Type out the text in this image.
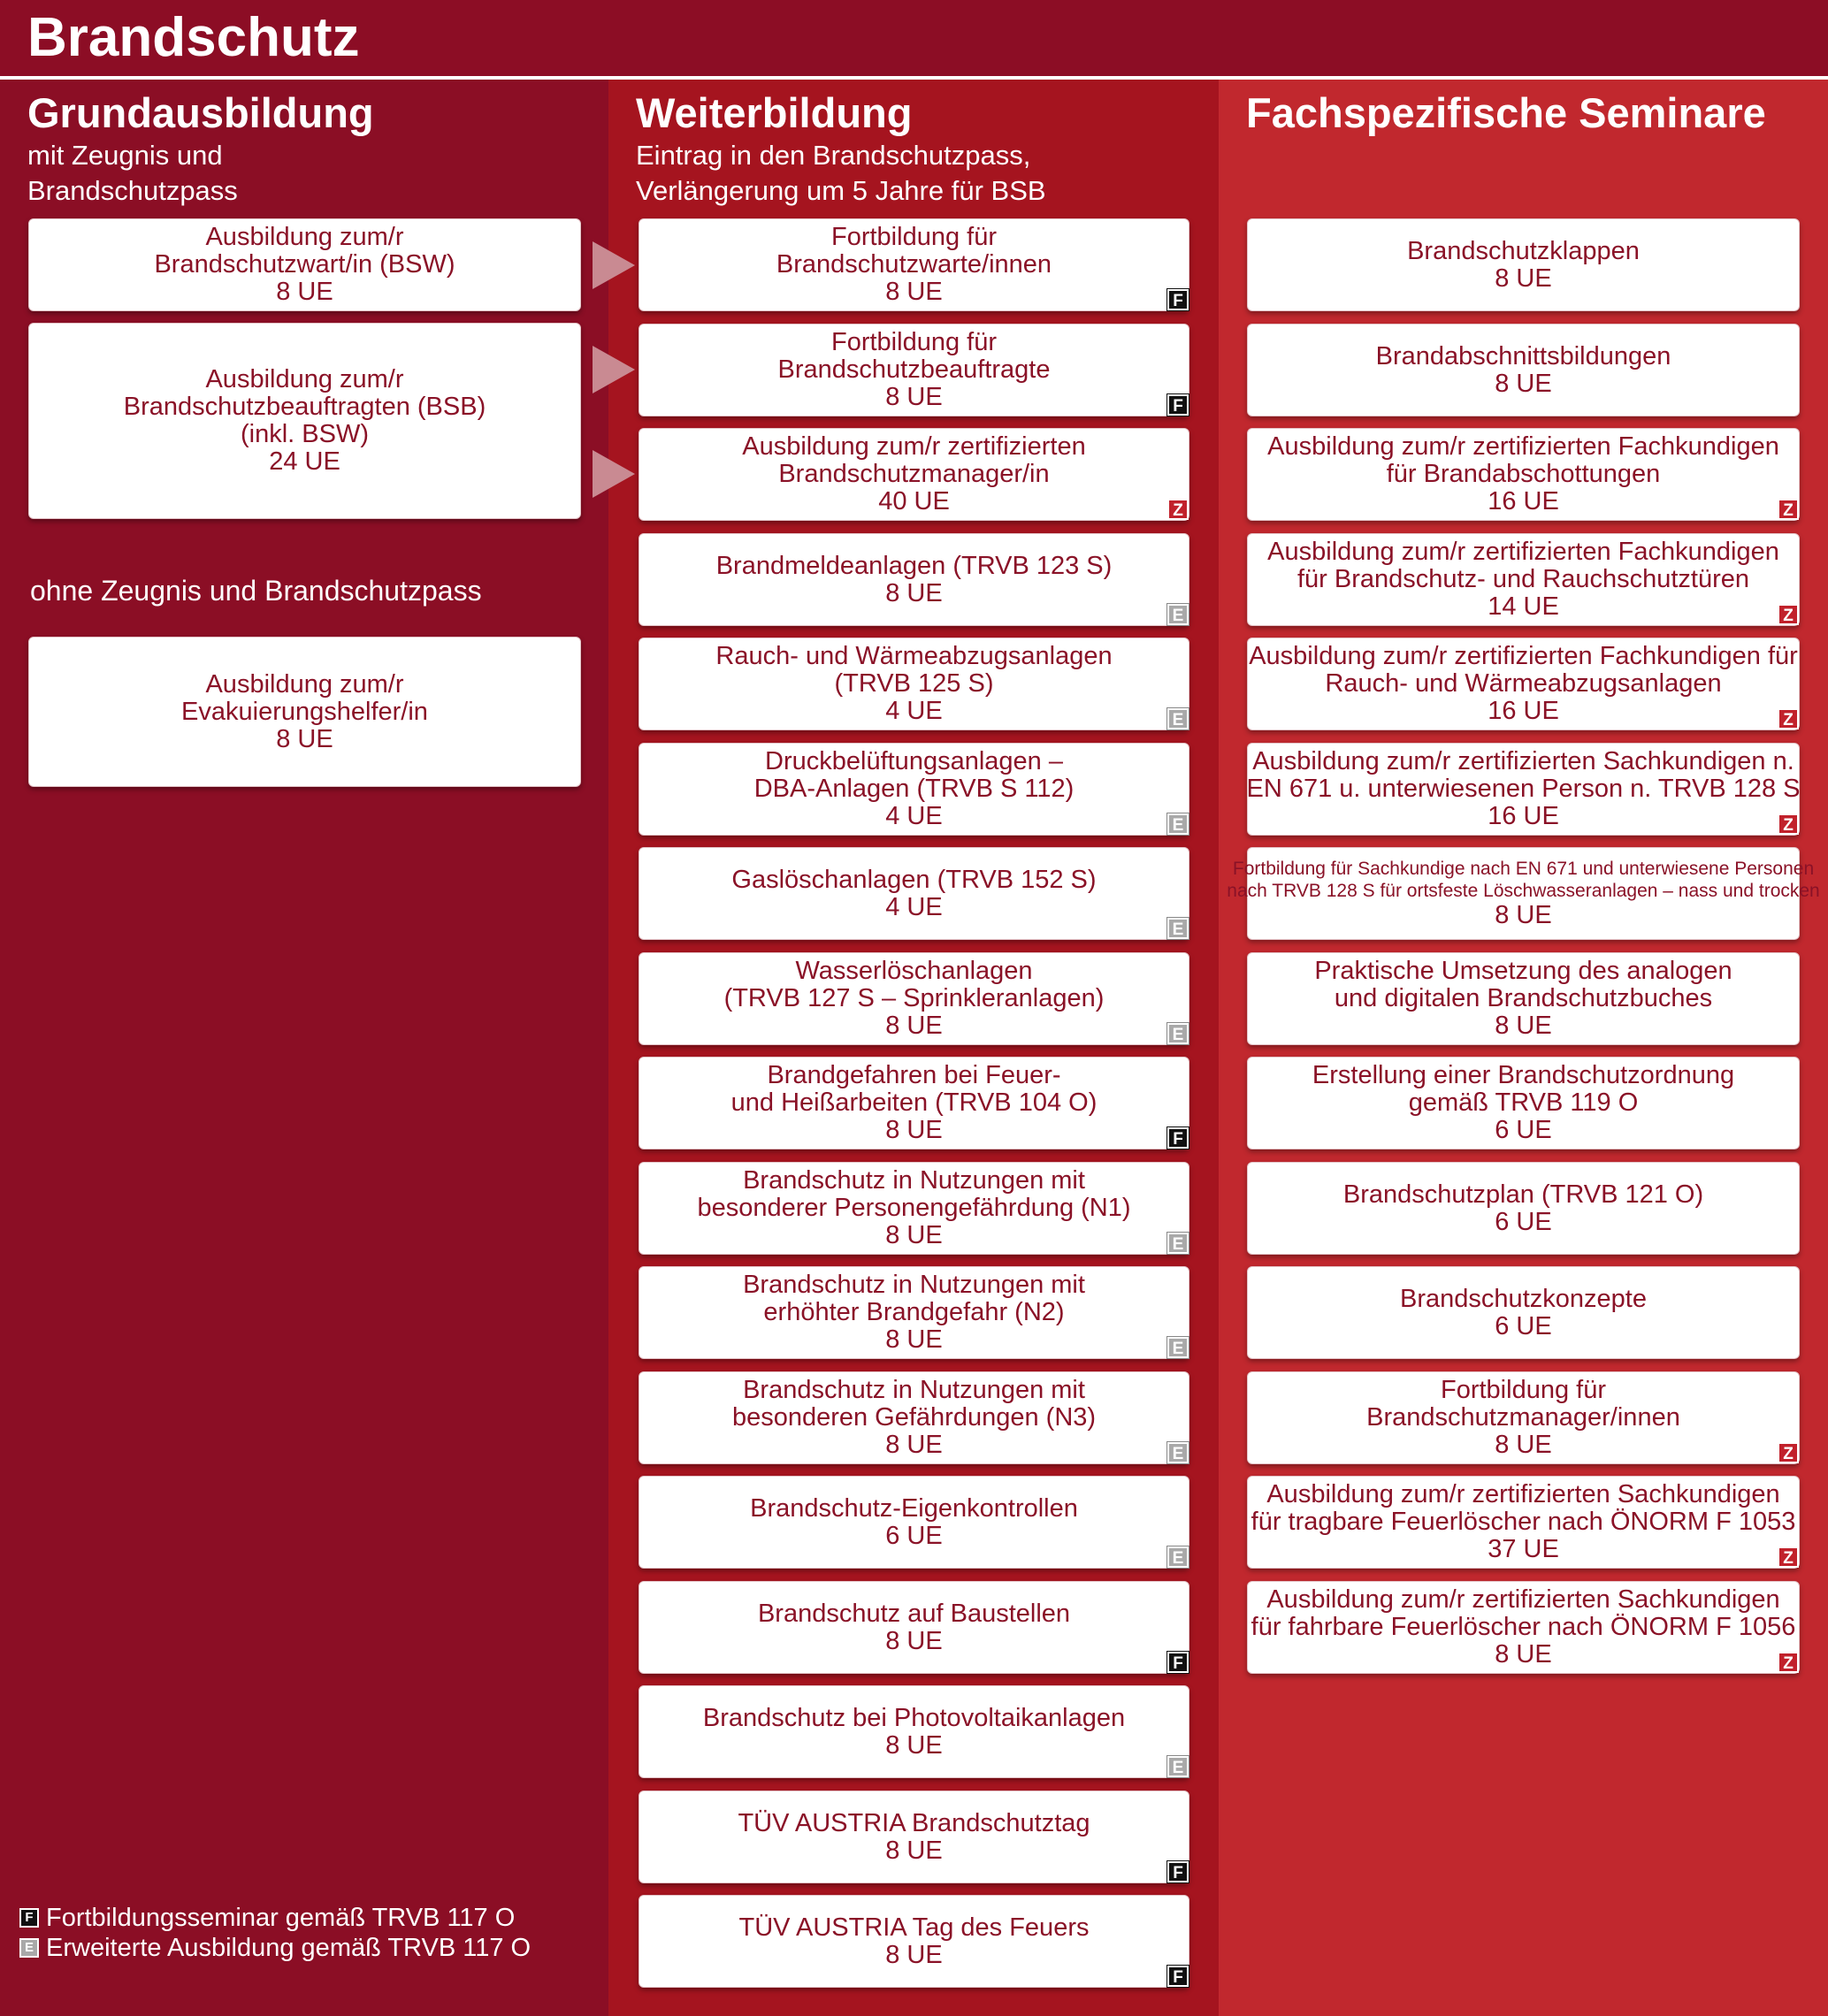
Brandschutz
Grundausbildung

mit Zeugnis und
Brandschutzpass

ohne Zeugnis und Brandschutzpass
Ausbildung zum/r
Brandschutzwart/in (BSW)
8 UE
Ausbildung zum/r
Brandschutzbeauftragten (BSB)
(inkl. BSW)
24 UE
Ausbildung zum/r
Evakuierungshelfer/in
8 UE
Weiterbildung

Eintrag in den Brandschutzpass,
Verlängerung um 5 Jahre für BSB

Fortbildung für
Brandschutzwarte/innen
8 UE	F
Fortbildung für
Brandschutzbeauftragte
8 UE	F
Ausbildung zum/r zertifizierten
Brandschutzmanager/in
40 UE	Z
Brandmeldeanlagen (TRVB 123 S)
8 UE
E
Rauch- und Wärmeabzugsanlagen
(TRVB 125 S)
4 UE	E
Druckbelüftungsanlagen –
DBA-Anlagen (TRVB S 112)
4 UE	E
Gaslöschanlagen (TRVB 152 S)
4 UE
E
Wasserlöschanlagen
(TRVB 127 S – Sprinkleranlagen)
8 UE	E
Brandgefahren bei Feuer-
und Heißarbeiten (TRVB 104 O)
8 UE	F
Brandschutz in Nutzungen mit
besonderer Personengefährdung (N1)
8 UE	E
Brandschutz in Nutzungen mit
erhöhter Brandgefahr (N2)
8 UE	E
Brandschutz in Nutzungen mit
besonderen Gefährdungen (N3)
8 UE	E
Brandschutz-Eigenkontrollen
6 UE
E
Brandschutz auf Baustellen
8 UE
F
Brandschutz bei Photovoltaikanlagen
8 UE
E
TÜV AUSTRIA Brandschutztag
8 UE
F
TÜV AUSTRIA Tag des Feuers
8 UE
F
Fachspezifische Seminare
Brandschutzklappen
8 UE
Brandabschnittsbildungen
8 UE
Ausbildung zum/r zertifizierten Fachkundigen
für Brandabschottungen
16 UE	Z
Ausbildung zum/r zertifizierten Fachkundigen
für Brandschutz- und Rauchschutztüren
14 UE	Z
Ausbildung zum/r zertifizierten Fachkundigen für
Rauch- und Wärmeabzugsanlagen
16 UE	Z
Ausbildung zum/r zertifizierten Sachkundigen n.
EN 671 u. unterwiesenen Person n. TRVB 128 S
16 UE	Z
Fortbildung für Sachkundige nach EN 671 und unterwiesene Personen
nach TRVB 128 S für ortsfeste Löschwasseranlagen – nass und trocken
8 UE
Praktische Umsetzung des analogen
und digitalen Brandschutzbuches
8 UE
Erstellung einer Brandschutzordnung
gemäß TRVB 119 O
6 UE
Brandschutzplan (TRVB 121 O)
6 UE
Brandschutzkonzepte
6 UE
Fortbildung für
Brandschutzmanager/innen
8 UE	Z
Ausbildung zum/r zertifizierten Sachkundigen
für tragbare Feuerlöscher nach ÖNORM F 1053
37 UE	Z
Ausbildung zum/r zertifizierten Sachkundigen
für fahrbare Feuerlöscher nach ÖNORM F 1056
8 UE	Z
F Fortbildungsseminar gemäß TRVB 117 O
E Erweiterte Ausbildung gemäß TRVB 117 O
